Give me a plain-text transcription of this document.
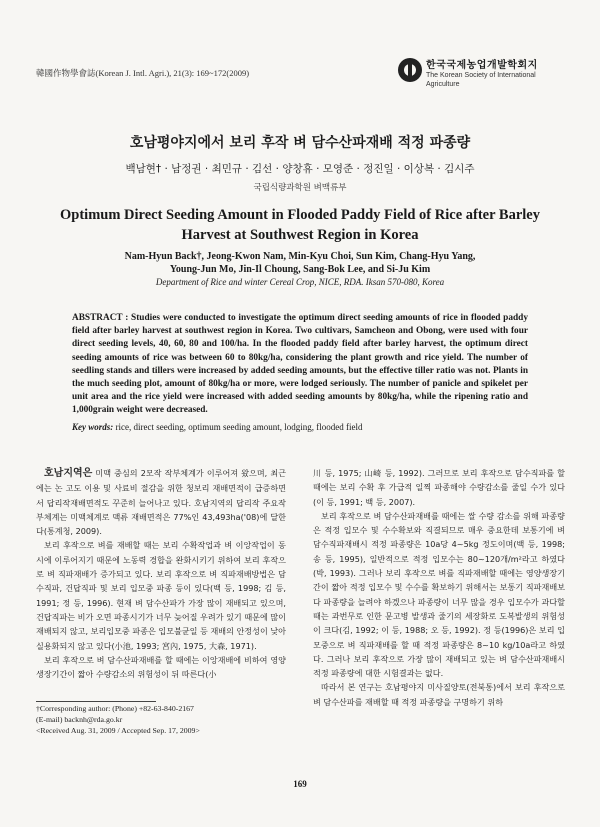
韓國作物學會誌(Korean J. Intl. Agri.), 21(3): 169~172(2009)
한국국제농업개발학회지
The Korean Society of International Agriculture
호남평야지에서 보리 후작 벼 담수산파재배 적정 파종량
백남현† · 남정권 · 최민규 · 김선 · 양창휴 · 모영준 · 정진일 · 이상복 · 김시주
국립식량과학원 벼맥류부
Optimum Direct Seeding Amount in Flooded Paddy Field of Rice after Barley Harvest at Southwest Region in Korea
Nam-Hyun Back†, Jeong-Kwon Nam, Min-Kyu Choi, Sun Kim, Chang-Hyu Yang,
Young-Jun Mo, Jin-Il Choung, Sang-Bok Lee, and Si-Ju Kim
Department of Rice and winter Cereal Crop, NICE, RDA. Iksan 570-080, Korea
ABSTRACT : Studies were conducted to investigate the optimum direct seeding amounts of rice in flooded paddy field after barley harvest at southwest region in Korea. Two cultivars, Samcheon and Obong, were used with four direct seeding levels, 40, 60, 80 and 100/ha. In the flooded paddy field after barley harvest, the optimum direct seeding amounts of rice was between 60 to 80kg/ha, considering the plant growth and rice yield. The number of seedling stands and tillers were increased by added seeding amounts, but the effective tiller ratio was not. Plants in the much seeding plot, amount of 80kg/ha or more, were lodged seriously. The number of panicle and spikelet per unit area and the rice yield were increased with added seeding amounts by 80kg/ha, while the ripening ratio and 1,000grain weight were decreased.
Key words: rice, direct seeding, optimum seeding amount, lodging, flooded field

호남지역은 미맥 중심의 2모작 작부체계가 이루어져 왔으며, 최근에는 논 고도 이용 및 사료비 절감을 위한 청보리 재배면적이 급증하면서 답리작재배면적도 꾸준히 늘어나고 있다. 호남지역의 답리작 주요작부체계는 미맥체계로 맥류 재배면적은 77%인 43,493ha('08)에 달한다(통계청, 2009).

보리 후작으로 벼를 재배할 때는 보리 수확작업과 벼 이앙작업이 동시에 이루어지기 때문에 노동력 경합을 완화시키기 위하여 보리 후작으로 벼 직파재배가 증가되고 있다. 보리 후작으로 벼 직파재배방법은 담수직파, 건답직파 및 보리 입모중 파종 등이 있다(백 등, 1998; 김 등, 1991; 정 등, 1996). 현재 벼 담수산파가 가장 많이 재배되고 있으며, 건답직파는 비가 오면 파종시기가 너무 늦어질 우려가 있기 때문에 많이 재배되지 않고, 보리입모중 파종은 입모불균일 등 재배의 안정성이 낮아 실용화되지 않고 있다(小池, 1993; 宮內, 1975, 大森, 1971).

보리 후작으로 벼 담수산파재배를 할 때에는 이앙재배에 비하여 영양생장기간이 짧아 수량감소의 위험성이 뒤 따른다(小

川 등, 1975; 山崎 등, 1992). 그러므로 보리 후작으로 담수직파를 할 때에는 보리 수확 후 가급적 일찍 파종해야 수량감소를 줄일 수가 있다(이 등, 1991; 백 등, 2007).

보리 후작으로 벼 담수산파재배를 때에는 쌀 수량 감소를 위해 파종량은 적정 입모수 및 수수확보와 직결되므로 매우 중요한데 보통기에 벼 담수직파재배시 적정 파종량은 10a당 4~5kg 정도이며(백 등, 1998; 송 등, 1995), 일반적으로 적정 입모수는 80~120개/m²라고 하였다(박, 1993). 그러나 보리 후작으로 벼를 직파재배할 때에는 영양생장기간이 짧아 적정 입모수 및 수수를 확보하기 위해서는 보통기 직파재배보다 파종량을 늘려야 하겠으나 파종량이 너무 많을 경우 입모수가 과다할 때는 과번무로 인한 문고병 발생과 줄기의 세장화로 도복발생의 위험성이 크다(김, 1992; 이 등, 1988; 오 등, 1992). 정 등(1996)은 보리 입모중으로 벼 직파재배를 할 때 적정 파종량은 8~10 kg/10a라고 하였다. 그러나 보리 후작으로 가장 많이 재배되고 있는 벼 담수산파재배시 적정 파종량에 대한 시험결과는 없다.

따라서 본 연구는 호남평야지 미사질양토(전북통)에서 보리 후작으로 벼 담수산파를 재배할 때 적정 파종량을 구명하기 위하

†Corresponding author: (Phone) +82-63-840-2167
(E-mail) backnh@rda.go.kr
<Received Aug. 31, 2009 / Accepted Sep. 17, 2009>
169
